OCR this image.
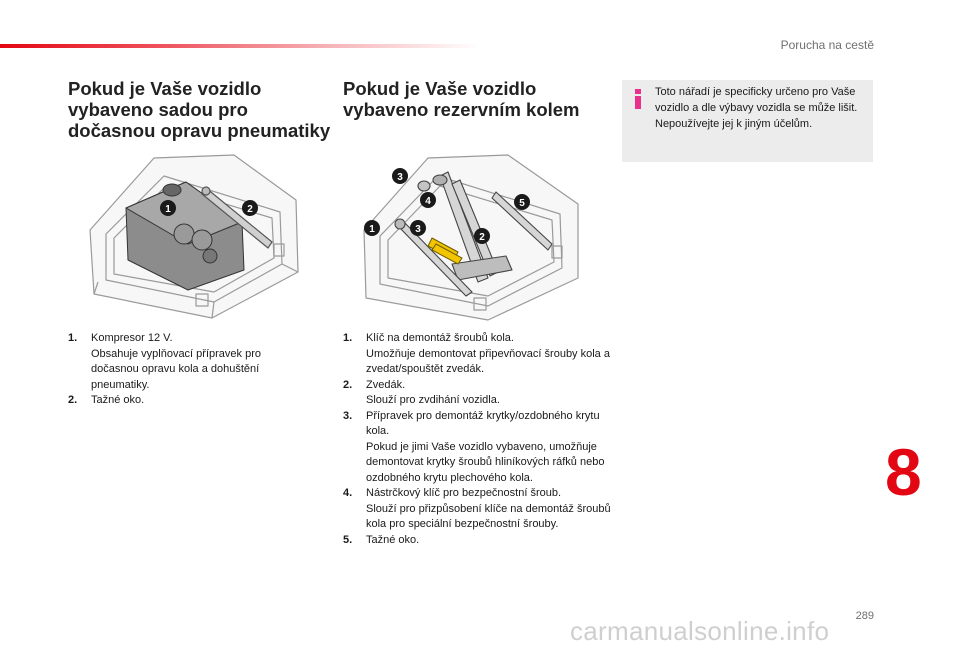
Porucha na cestě
Pokud je Vaše vozidlo vybaveno sadou pro dočasnou opravu pneumatiky
Pokud je Vaše vozidlo vybaveno rezervním kolem
Toto nářadí je specificky určeno pro Vaše vozidlo a dle výbavy vozidla se může lišit. Nepoužívejte jej k jiným účelům.
1	2
3
4	5
1	3
2
1. Kompresor 12 V.
Obsahuje vyplňovací přípravek pro dočasnou opravu kola a dohuštění pneumatiky.
2. Tažné oko.
1. Klíč na demontáž šroubů kola.
Umožňuje demontovat připevňovací šrouby kola a zvedat/spouštět zvedák.
2. Zvedák.
Slouží pro zvdihání vozidla.
3. Přípravek pro demontáž krytky/ozdobného krytu kola.
Pokud je jimi Vaše vozidlo vybaveno, umožňuje demontovat krytky šroubů hliníkových ráfků nebo ozdobného krytu plechového kola.
4. Nástrčkový klíč pro bezpečnostní šroub.
Slouží pro přizpůsobení klíče na demontáž šroubů kola pro speciální bezpečnostní šrouby.
5. Tažné oko.
8
289
carmanualsonline.info
